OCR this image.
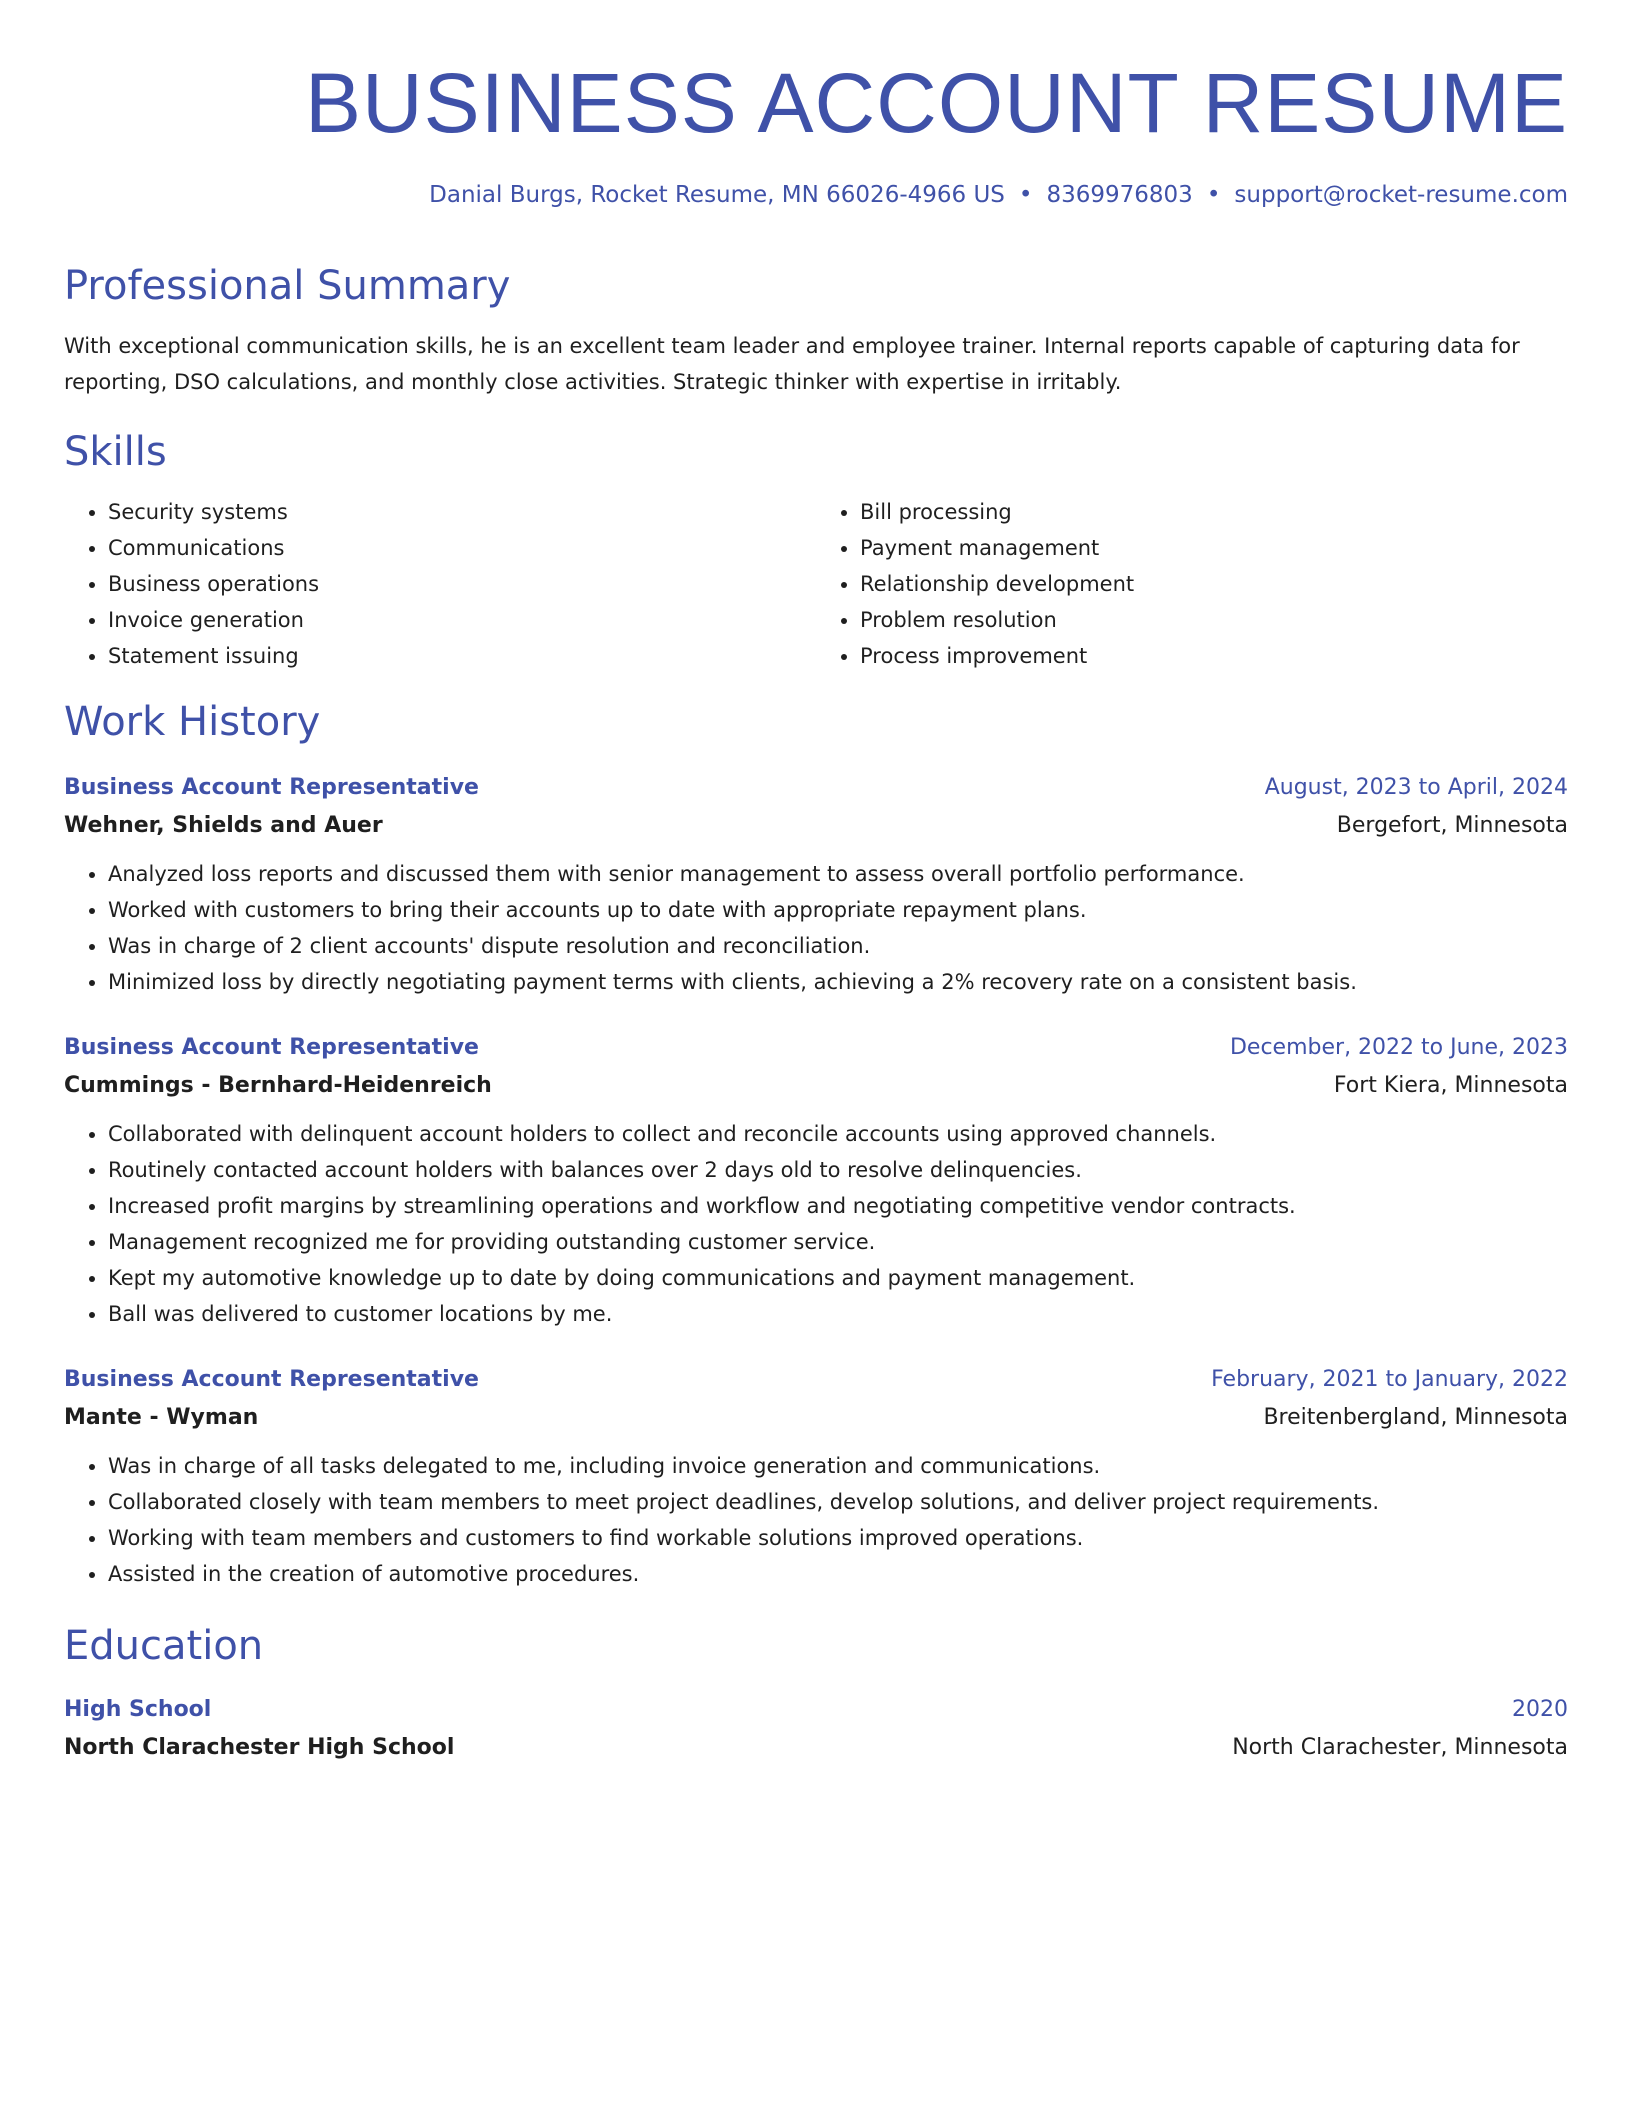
BUSINESS ACCOUNT RESUME
Danial Burgs, Rocket Resume, MN 66026-4966 US • 8369976803 • support@rocket-resume.com
Professional Summary
With exceptional communication skills, he is an excellent team leader and employee trainer. Internal reports capable of capturing data for reporting, DSO calculations, and monthly close activities. Strategic thinker with expertise in irritably.
Skills
• Security systems
• Communications
• Business operations
• Invoice generation
• Statement issuing
• Bill processing
• Payment management
• Relationship development
• Problem resolution
• Process improvement
Work History
Business Account Representative	August, 2023 to April, 2024
Wehner, Shields and Auer	Bergefort, Minnesota
• Analyzed loss reports and discussed them with senior management to assess overall portfolio performance.
• Worked with customers to bring their accounts up to date with appropriate repayment plans.
• Was in charge of 2 client accounts' dispute resolution and reconciliation.
• Minimized loss by directly negotiating payment terms with clients, achieving a 2% recovery rate on a consistent basis.
Business Account Representative	December, 2022 to June, 2023
Cummings - Bernhard-Heidenreich	Fort Kiera, Minnesota
• Collaborated with delinquent account holders to collect and reconcile accounts using approved channels.
• Routinely contacted account holders with balances over 2 days old to resolve delinquencies.
• Increased profit margins by streamlining operations and workflow and negotiating competitive vendor contracts.
• Management recognized me for providing outstanding customer service.
• Kept my automotive knowledge up to date by doing communications and payment management.
• Ball was delivered to customer locations by me.
Business Account Representative	February, 2021 to January, 2022
Mante - Wyman	Breitenbergland, Minnesota
• Was in charge of all tasks delegated to me, including invoice generation and communications.
• Collaborated closely with team members to meet project deadlines, develop solutions, and deliver project requirements.
• Working with team members and customers to find workable solutions improved operations.
• Assisted in the creation of automotive procedures.
Education
High School	2020
North Clarachester High School	North Clarachester, Minnesota
